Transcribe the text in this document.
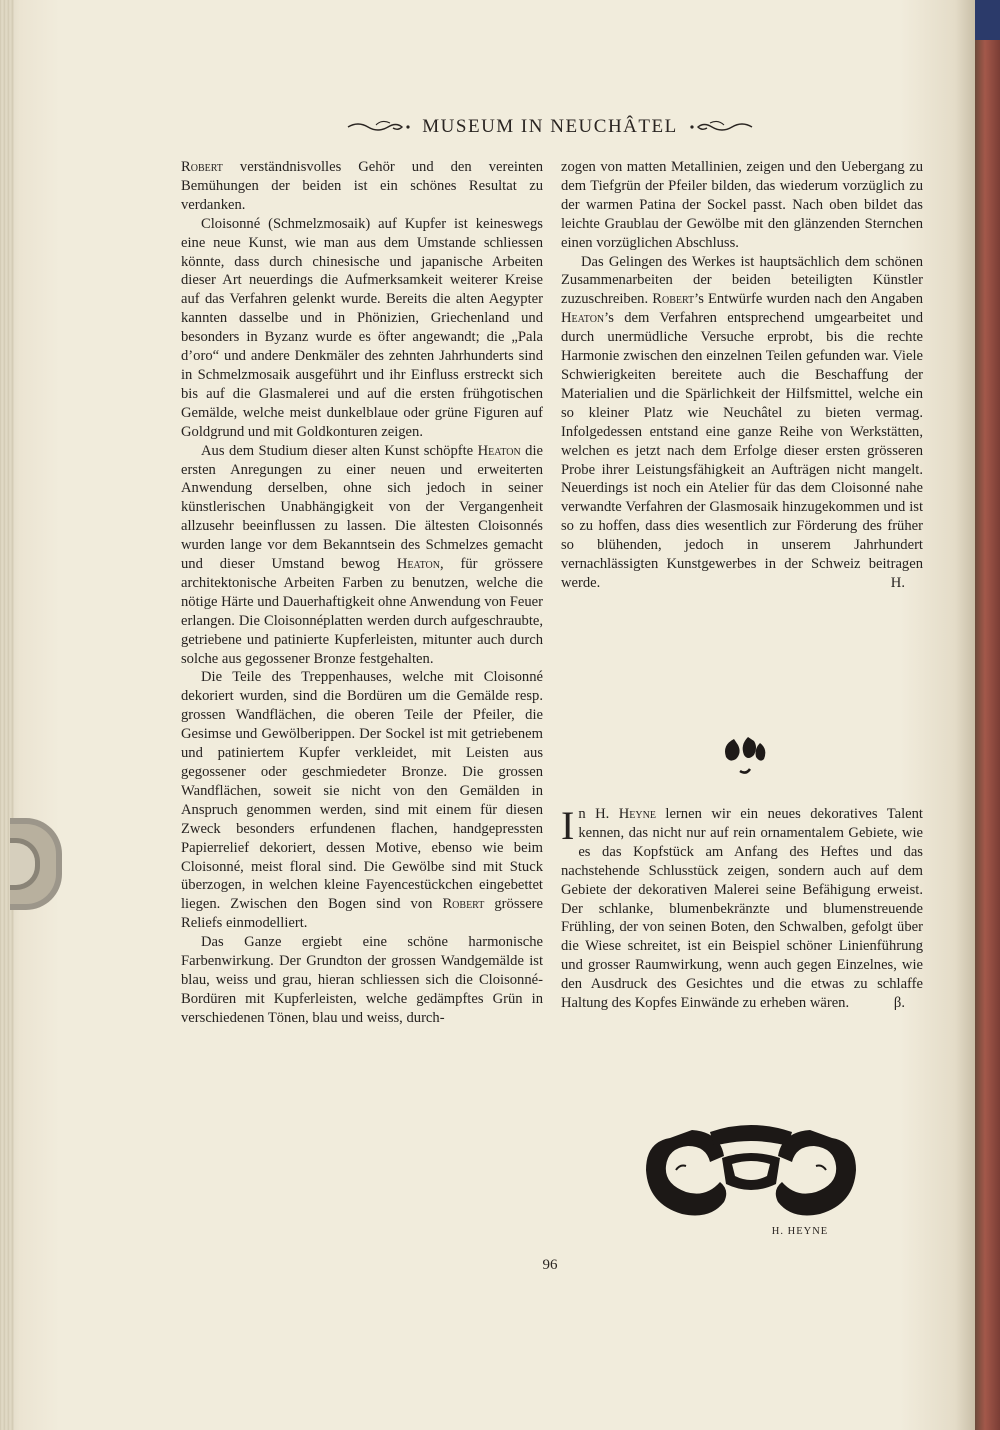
MUSEUM IN NEUCHÂTEL

Robert verständnisvolles Gehör und den vereinten Bemühungen der beiden ist ein schönes Resultat zu verdanken.

Cloisonné (Schmelzmosaik) auf Kupfer ist keineswegs eine neue Kunst, wie man aus dem Umstande schliessen könnte, dass durch chinesische und japanische Arbeiten dieser Art neuerdings die Aufmerksamkeit weiterer Kreise auf das Verfahren gelenkt wurde. Bereits die alten Aegypter kannten dasselbe und in Phönizien, Griechenland und besonders in Byzanz wurde es öfter angewandt; die „Pala d’oro“ und andere Denkmäler des zehnten Jahrhunderts sind in Schmelzmosaik ausgeführt und ihr Einfluss erstreckt sich bis auf die Glasmalerei und auf die ersten frühgotischen Gemälde, welche meist dunkelblaue oder grüne Figuren auf Goldgrund und mit Goldkonturen zeigen.

Aus dem Studium dieser alten Kunst schöpfte Heaton die ersten Anregungen zu einer neuen und erweiterten Anwendung derselben, ohne sich jedoch in seiner künstlerischen Unabhängigkeit von der Vergangenheit allzusehr beeinflussen zu lassen. Die ältesten Cloisonnés wurden lange vor dem Bekanntsein des Schmelzes gemacht und dieser Umstand bewog Heaton, für grössere architektonische Arbeiten Farben zu benutzen, welche die nötige Härte und Dauerhaftigkeit ohne Anwendung von Feuer erlangen. Die Cloisonnéplatten werden durch aufgeschraubte, getriebene und patinierte Kupferleisten, mitunter auch durch solche aus gegossener Bronze festgehalten.

Die Teile des Treppenhauses, welche mit Cloisonné dekoriert wurden, sind die Bordüren um die Gemälde resp. grossen Wandflächen, die oberen Teile der Pfeiler, die Gesimse und Gewölberippen. Der Sockel ist mit getriebenem und patiniertem Kupfer verkleidet, mit Leisten aus gegossener oder geschmiedeter Bronze. Die grossen Wandflächen, soweit sie nicht von den Gemälden in Anspruch genommen werden, sind mit einem für diesen Zweck besonders erfundenen flachen, handgepressten Papierrelief dekoriert, dessen Motive, ebenso wie beim Cloisonné, meist floral sind. Die Gewölbe sind mit Stuck überzogen, in welchen kleine Fayencestückchen eingebettet liegen. Zwischen den Bogen sind von Robert grössere Reliefs einmodelliert.

Das Ganze ergiebt eine schöne harmonische Farbenwirkung. Der Grundton der grossen Wandgemälde ist blau, weiss und grau, hieran schliessen sich die Cloisonné-Bordüren mit Kupferleisten, welche gedämpftes Grün in verschiedenen Tönen, blau und weiss, durch-

zogen von matten Metallinien, zeigen und den Uebergang zu dem Tiefgrün der Pfeiler bilden, das wiederum vorzüglich zu der warmen Patina der Sockel passt. Nach oben bildet das leichte Graublau der Gewölbe mit den glänzenden Sternchen einen vorzüglichen Abschluss.

Das Gelingen des Werkes ist hauptsächlich dem schönen Zusammenarbeiten der beiden beteiligten Künstler zuzuschreiben. Robert’s Entwürfe wurden nach den Angaben Heaton’s dem Verfahren entsprechend umgearbeitet und durch unermüdliche Versuche erprobt, bis die rechte Harmonie zwischen den einzelnen Teilen gefunden war. Viele Schwierigkeiten bereitete auch die Beschaffung der Materialien und die Spärlichkeit der Hilfsmittel, welche ein so kleiner Platz wie Neuchâtel zu bieten vermag. Infolgedessen entstand eine ganze Reihe von Werkstätten, welchen es jetzt nach dem Erfolge dieser ersten grösseren Probe ihrer Leistungsfähigkeit an Aufträgen nicht mangelt. Neuerdings ist noch ein Atelier für das dem Cloisonné nahe verwandte Verfahren der Glasmosaik hinzugekommen und ist so zu hoffen, dass dies wesentlich zur Förderung des früher so blühenden, jedoch in unserem Jahrhundert vernachlässigten Kunstgewerbes in der Schweiz beitragen werde.	H.

In H. Heyne lernen wir ein neues dekoratives Talent kennen, das nicht nur auf rein ornamentalem Gebiete, wie es das Kopfstück am Anfang des Heftes und das nachstehende Schlusstück zeigen, sondern auch auf dem Gebiete der dekorativen Malerei seine Befähigung erweist. Der schlanke, blumenbekränzte und blumenstreuende Frühling, der von seinen Boten, den Schwalben, gefolgt über die Wiese schreitet, ist ein Beispiel schöner Linienführung und grosser Raumwirkung, wenn auch gegen Einzelnes, wie den Ausdruck des Gesichtes und die etwas zu schlaffe Haltung des Kopfes Einwände zu erheben wären.	β.

H. HEYNE
96
